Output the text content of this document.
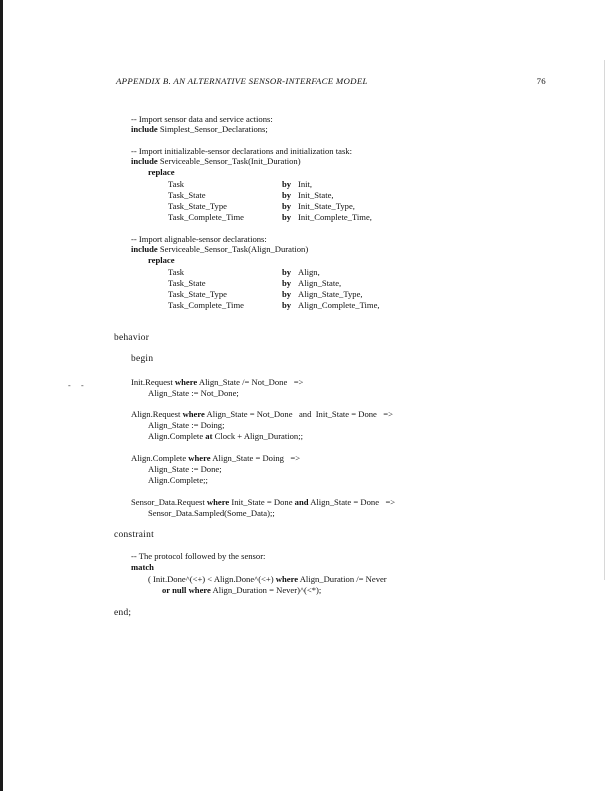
- -
APPENDIX B. AN ALTERNATIVE SENSOR-INTERFACE MODEL	76
-- Import sensor data and service actions:
include Simplest_Sensor_Declarations;
-- Import initializable-sensor declarations and initialization task:
include Serviceable_Sensor_Task(Init_Duration)
replace
Task	by Init,
Task_State	by Init_State,
Task_State_Type	by Init_State_Type,
Task_Complete_Time	by Init_Complete_Time,
-- Import alignable-sensor declarations:
include Serviceable_Sensor_Task(Align_Duration)
replace
Task	by Align,
Task_State	by Align_State,
Task_State_Type	by Align_State_Type,
Task_Complete_Time	by Align_Complete_Time,
behavior
begin
Init.Request where Align_State /= Not_Done   =>
Align_State := Not_Done;
Align.Request where Align_State = Not_Done   and  Init_State = Done   =>
Align_State := Doing;
Align.Complete at Clock + Align_Duration;;
Align.Complete where Align_State = Doing   =>
Align_State := Done;
Align.Complete;;
Sensor_Data.Request where Init_State = Done and Align_State = Done   =>
Sensor_Data.Sampled(Some_Data);;
constraint
-- The protocol followed by the sensor:
match
( Init.Done^(<+) < Align.Done^(<+) where Align_Duration /= Never
or null where Align_Duration = Never)^(<*);
end;
